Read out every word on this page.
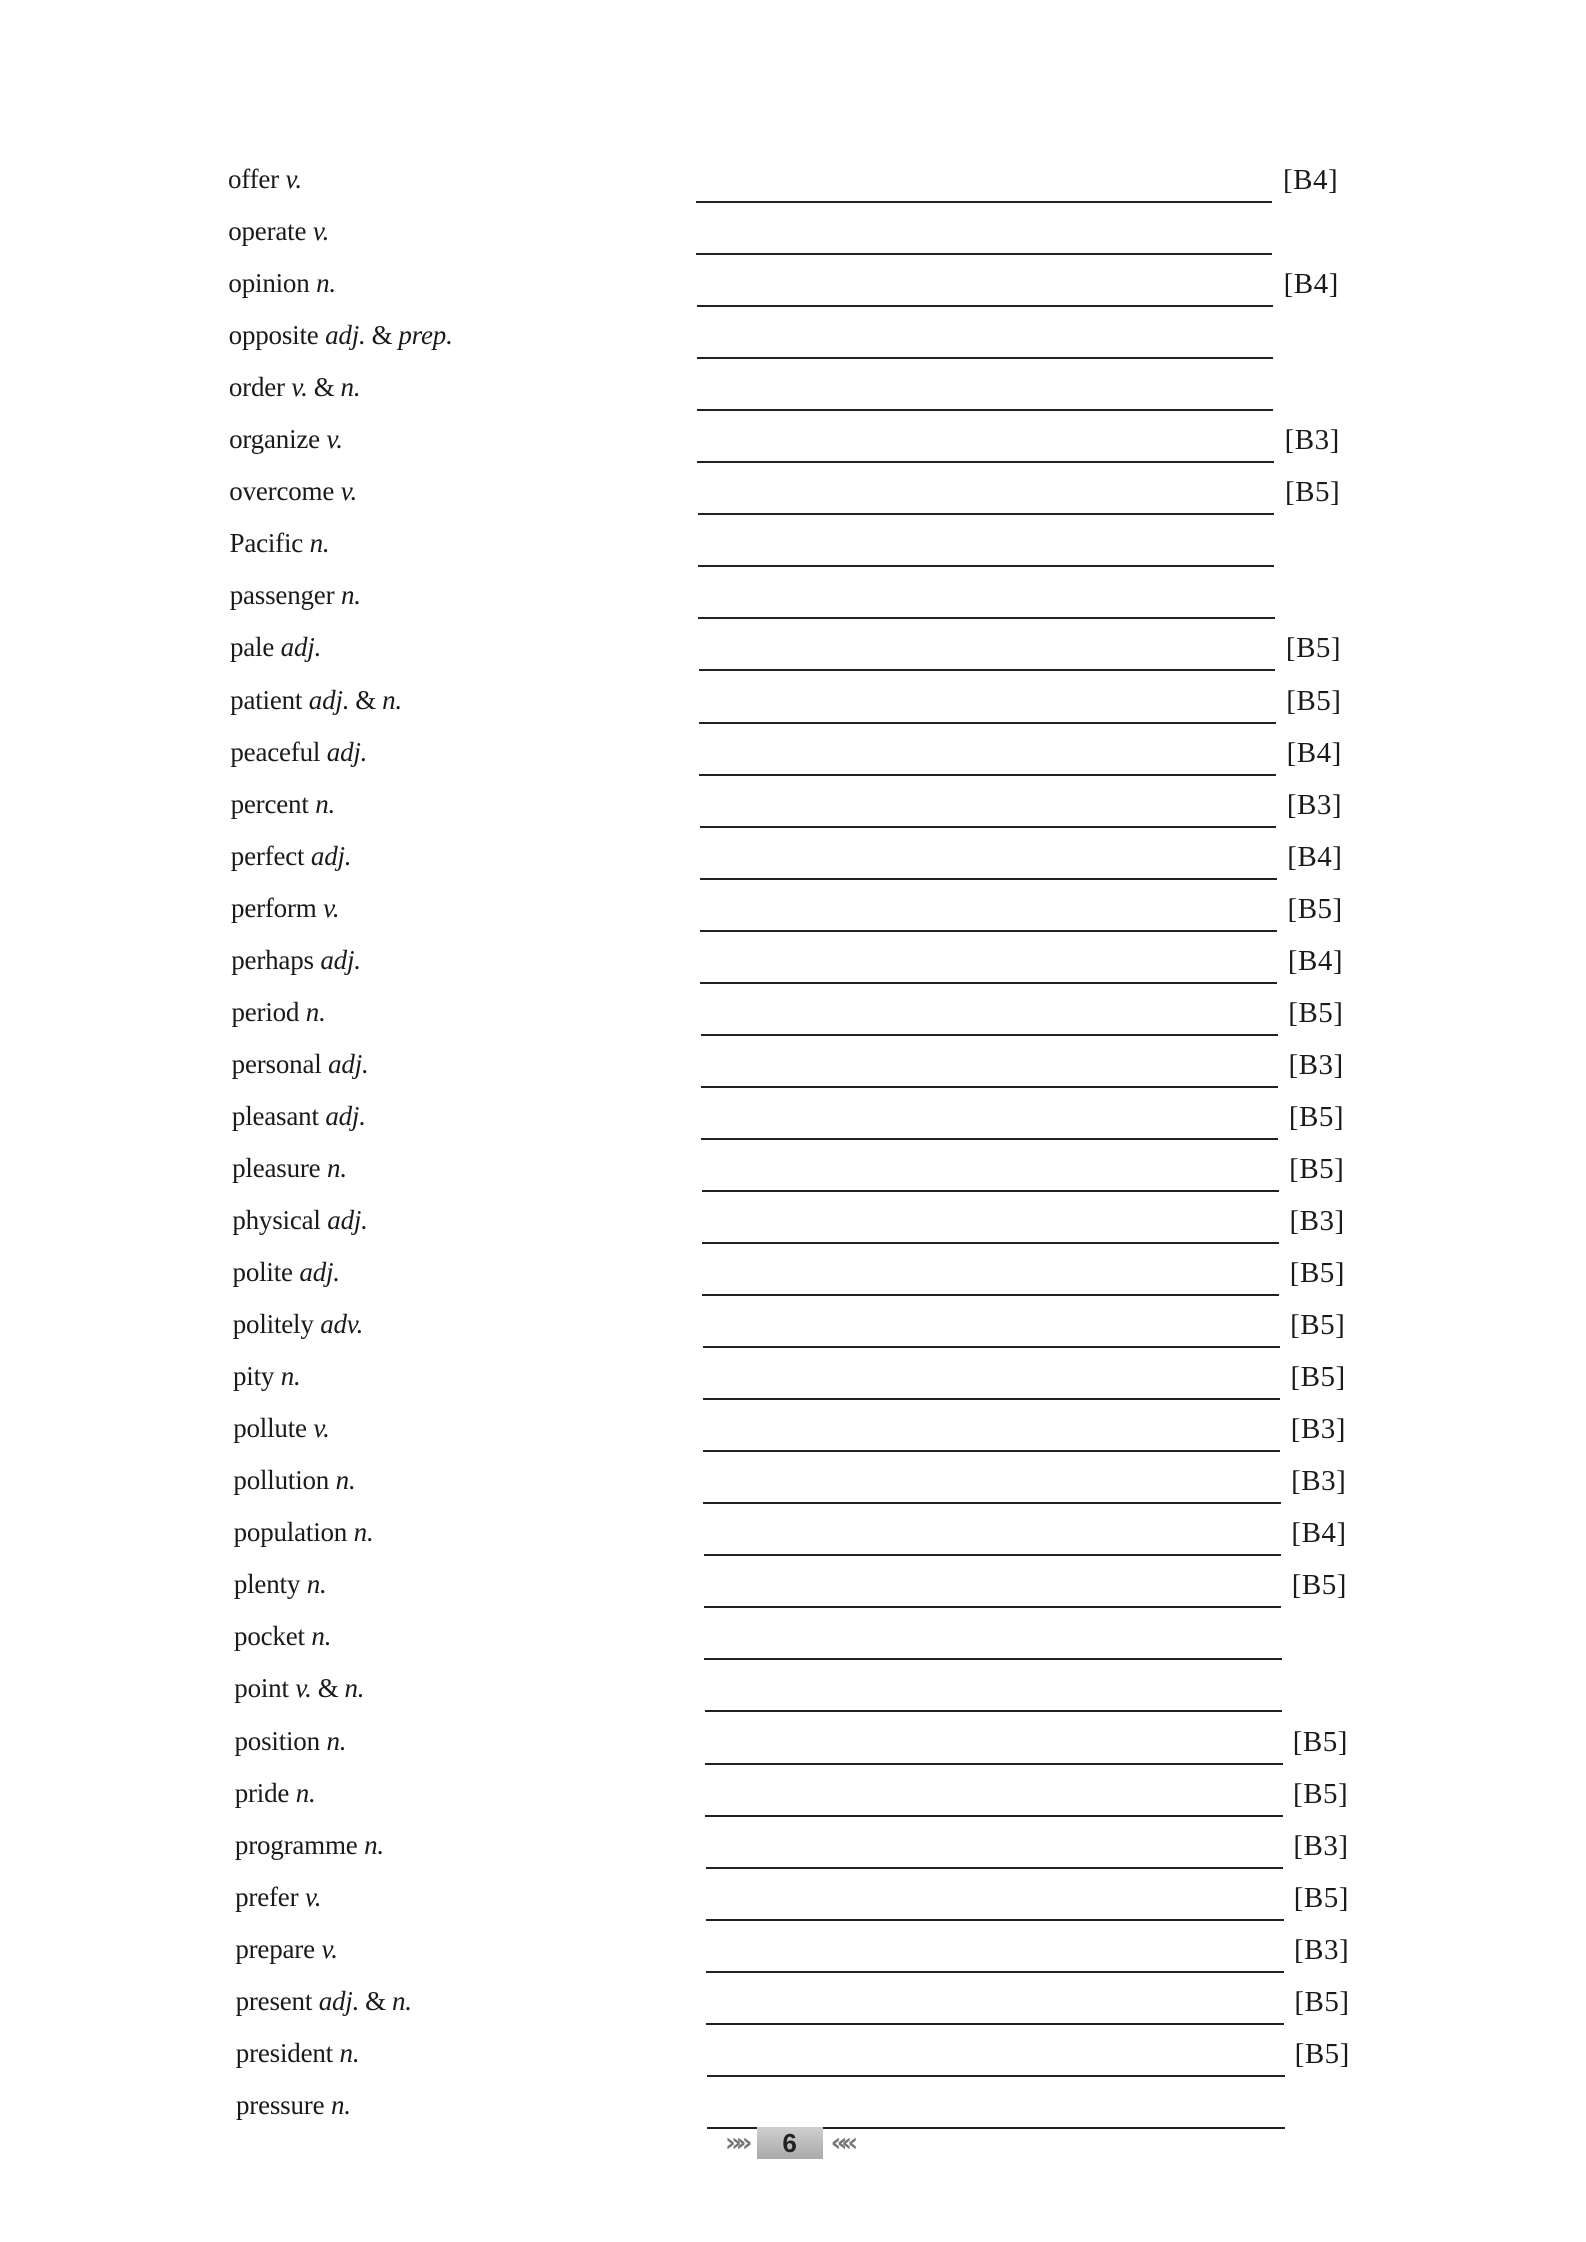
offer v.	[B4]
operate v.
opinion n.	[B4]
opposite adj. & prep.
order v. & n.
organize v.	[B3]
overcome v.	[B5]
Pacific n.
passenger n.
pale adj.	[B5]
patient adj. & n.	[B5]
peaceful adj.	[B4]
percent n.	[B3]
perfect adj.	[B4]
perform v.	[B5]
perhaps adj.	[B4]
period n.	[B5]
personal adj.	[B3]
pleasant adj.	[B5]
pleasure n.	[B5]
physical adj.	[B3]
polite adj.	[B5]
politely adv.	[B5]
pity n.	[B5]
pollute v.	[B3]
pollution n.	[B3]
population n.	[B4]
plenty n.	[B5]
pocket n.
point v. & n.
position n.	[B5]
pride n.	[B5]
programme n.	[B3]
prefer v.	[B5]
prepare v.	[B3]
present adj. & n.	[B5]
president n.	[B5]
pressure n.
»»	6	««
